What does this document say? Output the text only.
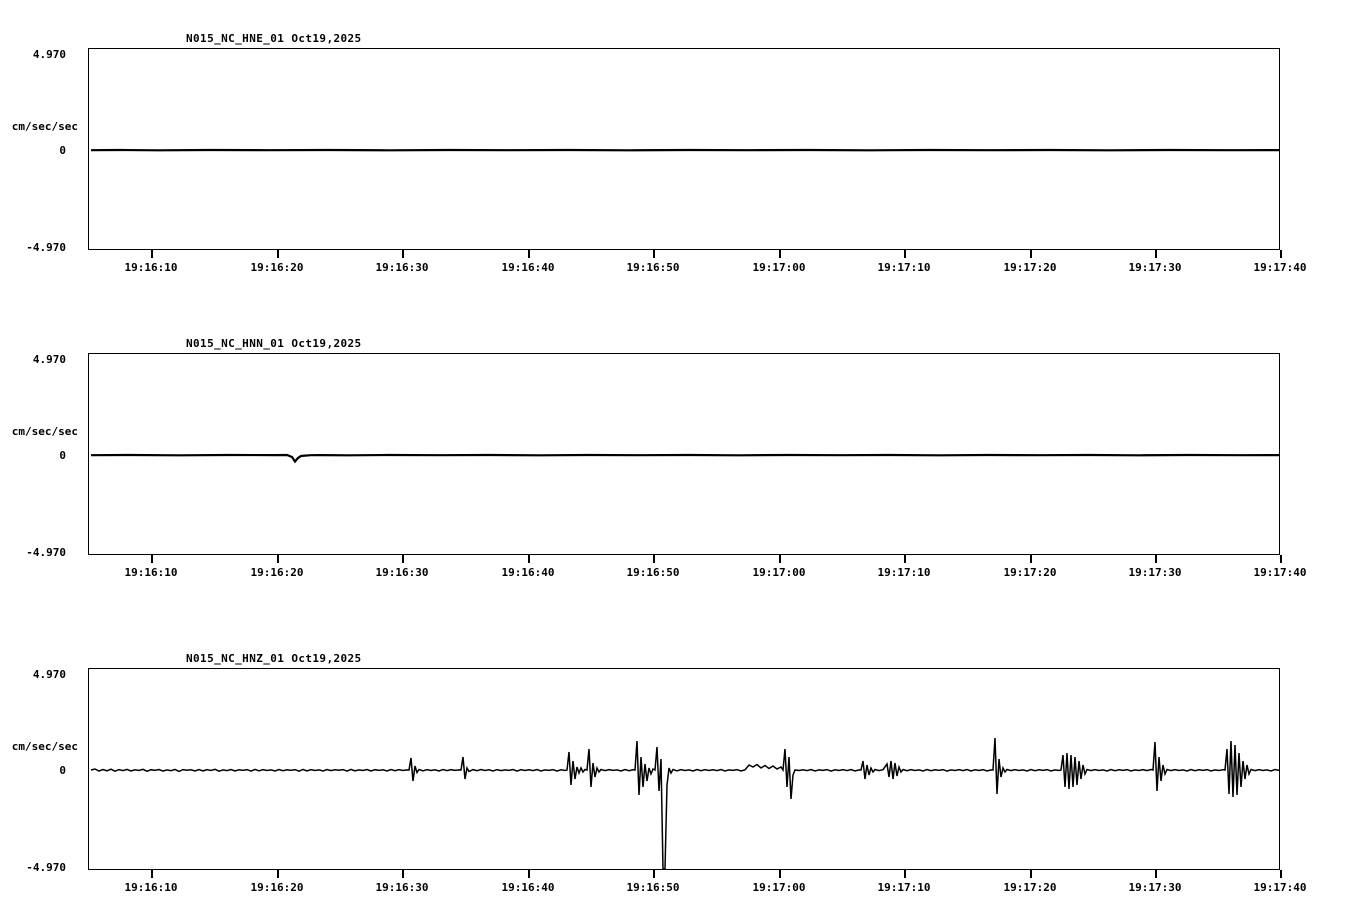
N015_NC_HNE_01 Oct19,2025
4.970
cm/sec/sec
0
-4.970
19:16:10	19:16:20	19:16:30	19:16:40	19:16:50	19:17:00	19:17:10	19:17:20	19:17:30	19:17:40
N015_NC_HNN_01 Oct19,2025
4.970
cm/sec/sec
0
-4.970
19:16:10	19:16:20	19:16:30	19:16:40	19:16:50	19:17:00	19:17:10	19:17:20	19:17:30	19:17:40
N015_NC_HNZ_01 Oct19,2025
4.970
cm/sec/sec
0
-4.970
19:16:10	19:16:20	19:16:30	19:16:40	19:16:50	19:17:00	19:17:10	19:17:20	19:17:30	19:17:40
